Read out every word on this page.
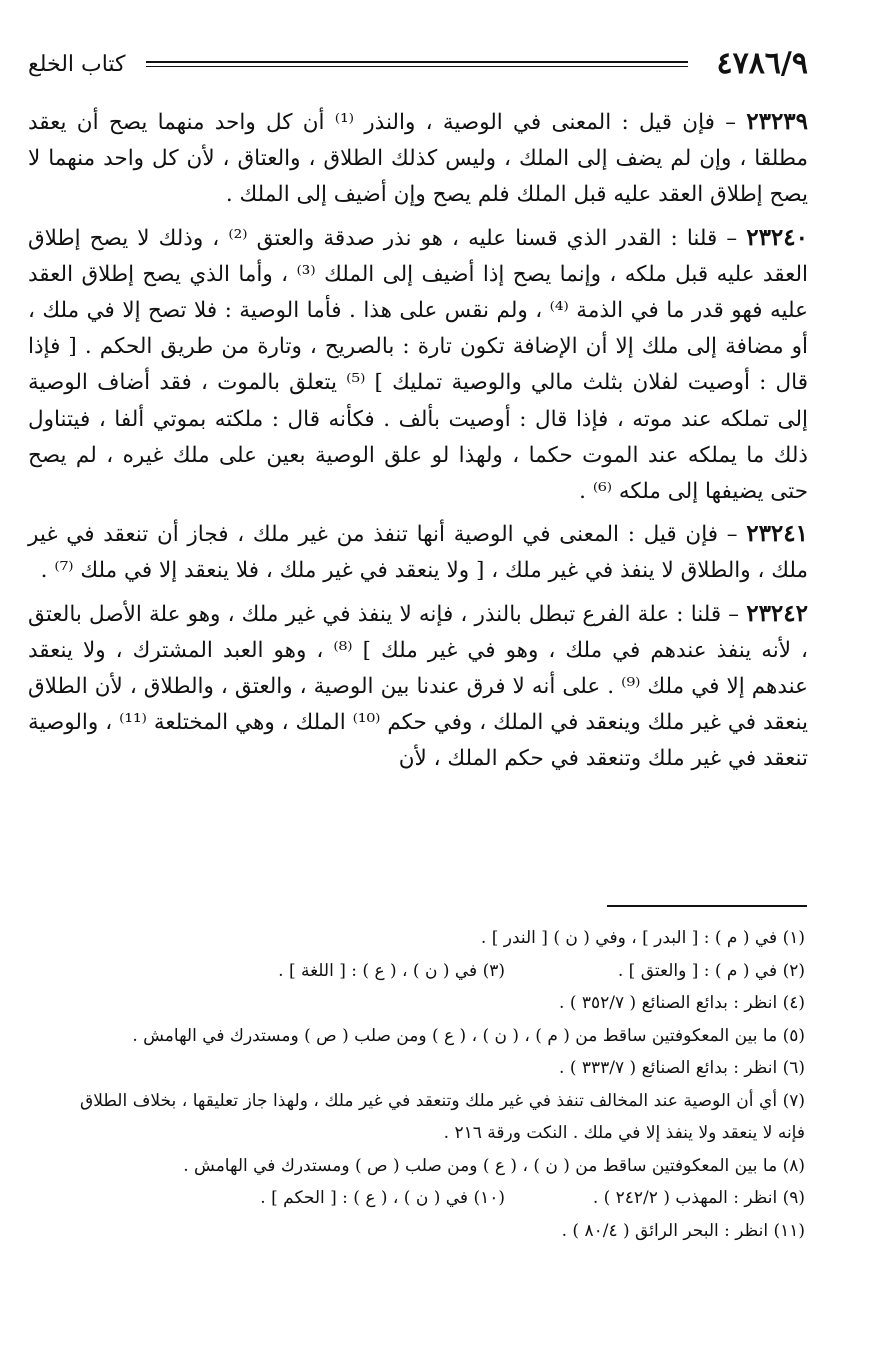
٤٧٨٦/٩
كتاب الخلع

٢٣٢٣٩ – فإن قيل : المعنى في الوصية ، والنذر ⁽¹⁾ أن كل واحد منهما يصح أن يعقد مطلقا ، وإن لم يضف إلى الملك ، وليس كذلك الطلاق ، والعتاق ، لأن كل واحد منهما لا يصح إطلاق العقد عليه قبل الملك فلم يصح وإن أضيف إلى الملك .

٢٣٢٤٠ – قلنا : القدر الذي قسنا عليه ، هو نذر صدقة والعتق ⁽²⁾ ، وذلك لا يصح إطلاق العقد عليه قبل ملكه ، وإنما يصح إذا أضيف إلى الملك ⁽³⁾ ، وأما الذي يصح إطلاق العقد عليه فهو قدر ما في الذمة ⁽⁴⁾ ، ولم نقس على هذا . فأما الوصية : فلا تصح إلا في ملك ، أو مضافة إلى ملك إلا أن الإضافة تكون تارة : بالصريح ، وتارة من طريق الحكم . [ فإذا قال : أوصيت لفلان بثلث مالي والوصية تمليك ] ⁽⁵⁾ يتعلق بالموت ، فقد أضاف الوصية إلى تملكه عند موته ، فإذا قال : أوصيت بألف . فكأنه قال : ملكته بموتي ألفا ، فيتناول ذلك ما يملكه عند الموت حكما ، ولهذا لو علق الوصية بعين على ملك غيره ، لم يصح حتى يضيفها إلى ملكه ⁽⁶⁾ .

٢٣٢٤١ – فإن قيل : المعنى في الوصية أنها تنفذ من غير ملك ، فجاز أن تنعقد في غير ملك ، والطلاق لا ينفذ في غير ملك ، [ ولا ينعقد في غير ملك ، فلا ينعقد إلا في ملك ⁽⁷⁾ .

٢٣٢٤٢ – قلنا : علة الفرع تبطل بالنذر ، فإنه لا ينفذ في غير ملك ، وهو علة الأصل بالعتق ، لأنه ينفذ عندهم في ملك ، وهو في غير ملك ] ⁽⁸⁾ ، وهو العبد المشترك ، ولا ينعقد عندهم إلا في ملك ⁽⁹⁾ . على أنه لا فرق عندنا بين الوصية ، والعتق ، والطلاق ، لأن الطلاق ينعقد في غير ملك وينعقد في الملك ، وفي حكم ⁽¹⁰⁾ الملك ، وهي المختلعة ⁽¹¹⁾ ، والوصية تنعقد في غير ملك وتنعقد في حكم الملك ، لأن

(١) في ( م ) : [ البدر ] ، وفي ( ن ) [ الندر ] .

(٢) في ( م ) : [ والعتق ] .
(٣) في ( ن ) ، ( ع ) : [ اللغة ] .

(٤) انظر : بدائع الصنائع ( ٣٥٢/٧ ) .

(٥) ما بين المعكوفتين ساقط من ( م ) ، ( ن ) ، ( ع ) ومن صلب ( ص ) ومستدرك في الهامش .

(٦) انظر : بدائع الصنائع ( ٣٣٣/٧ ) .

(٧) أي أن الوصية عند المخالف تنفذ في غير ملك وتنعقد في غير ملك ، ولهذا جاز تعليقها ، بخلاف الطلاق فإنه لا ينعقد ولا ينفذ إلا في ملك . النكت ورقة ٢١٦ .

(٨) ما بين المعكوفتين ساقط من ( ن ) ، ( ع ) ومن صلب ( ص ) ومستدرك في الهامش .

(٩) انظر : المهذب ( ٢٤٢/٢ ) .
(١٠) في ( ن ) ، ( ع ) : [ الحكم ] .

(١١) انظر : البحر الرائق ( ٨٠/٤ ) .
